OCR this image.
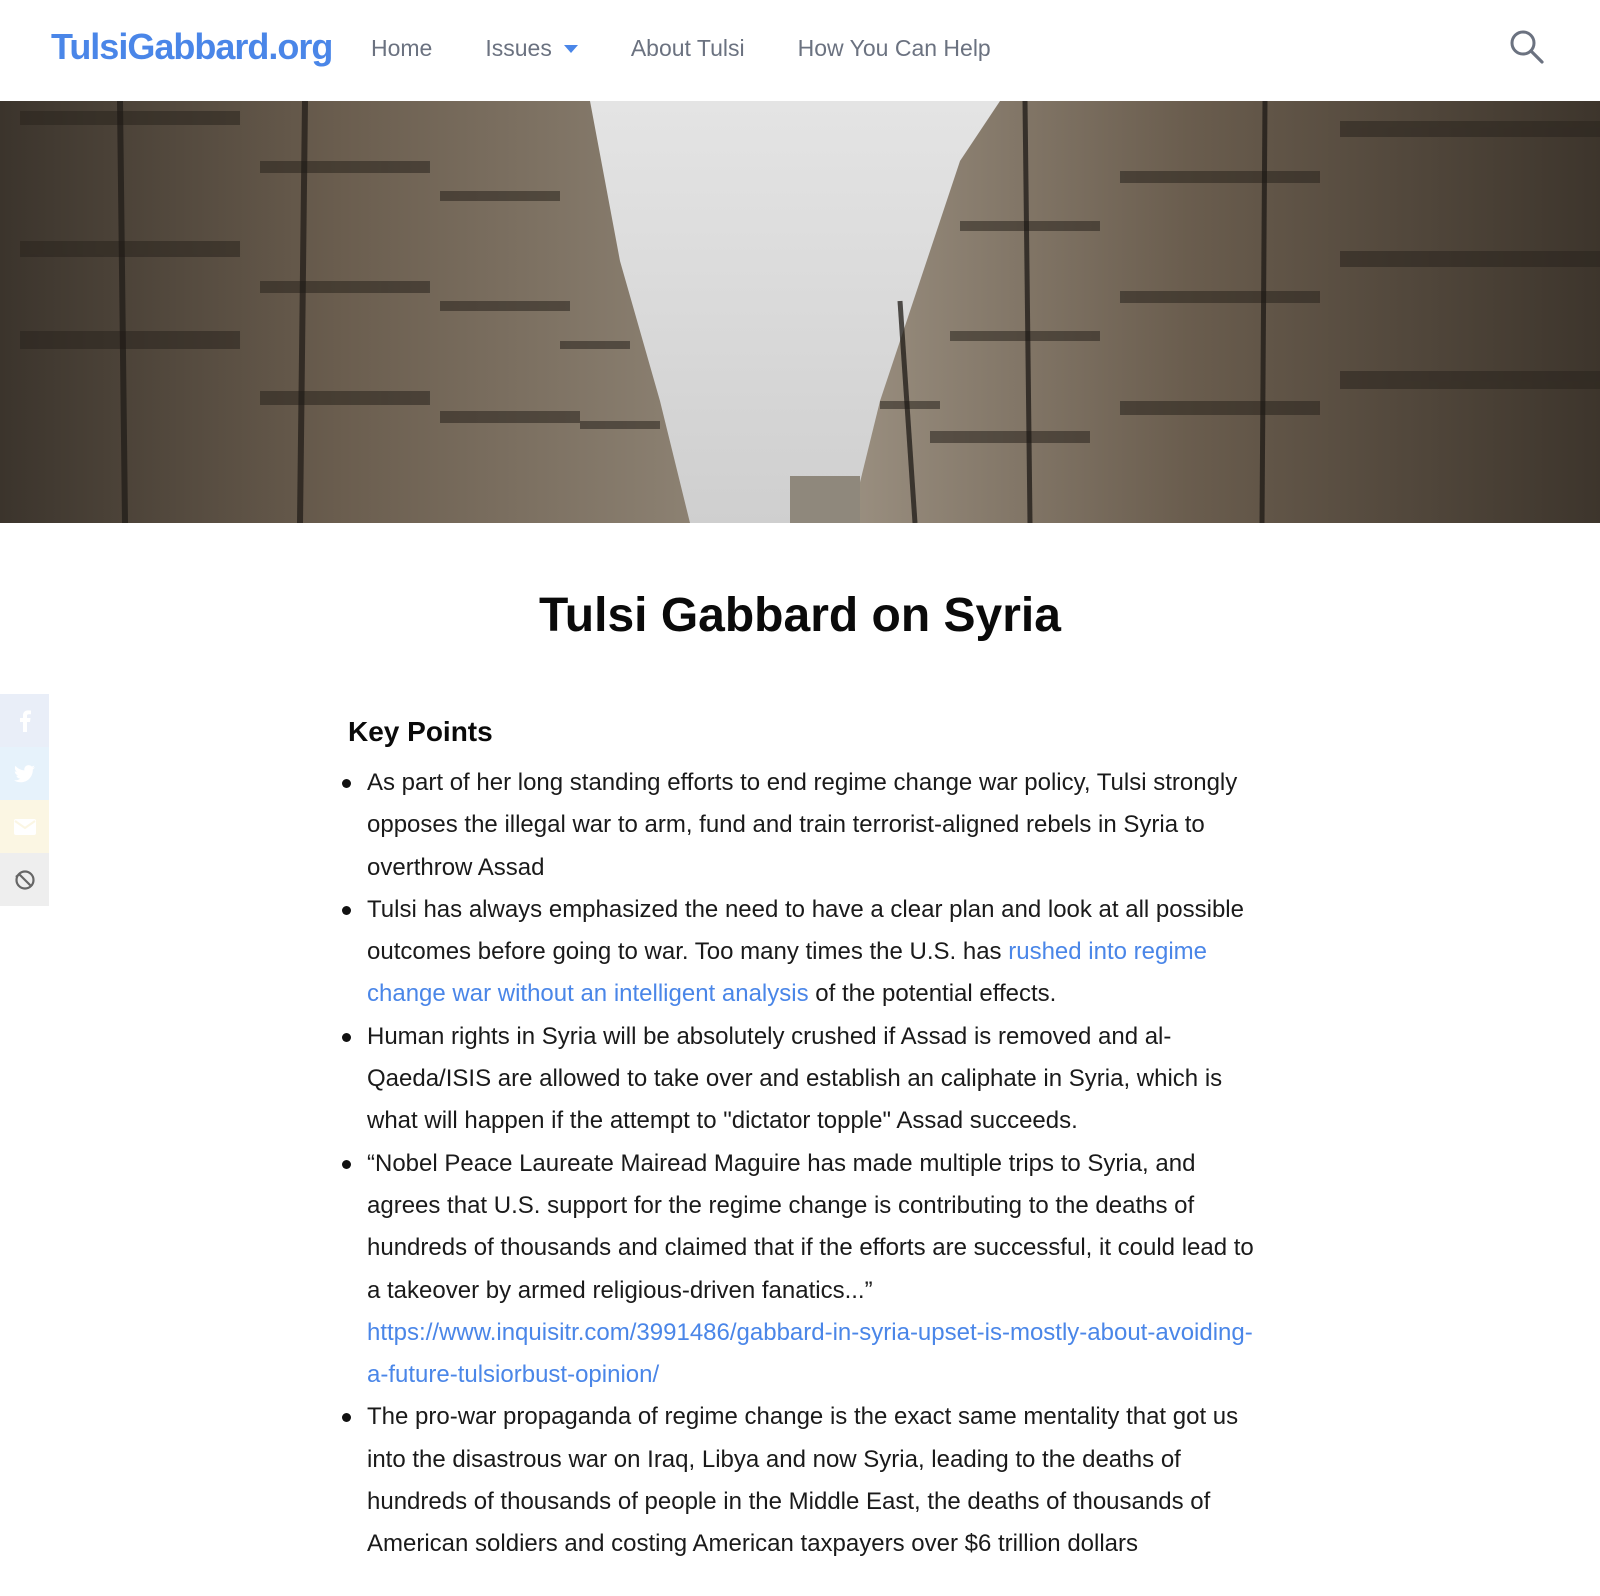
TulsiGabbard.org Home Issues	About Tulsi How You Can Help
Tulsi Gabbard on Syria
Key Points
As part of her long standing efforts to end regime change war policy, Tulsi strongly opposes the illegal war to arm, fund and train terrorist-aligned rebels in Syria to overthrow Assad
Tulsi has always emphasized the need to have a clear plan and look at all possible outcomes before going to war. Too many times the U.S. has rushed into regime change war without an intelligent analysis of the potential effects.
Human rights in Syria will be absolutely crushed if Assad is removed and al-Qaeda/ISIS are allowed to take over and establish an caliphate in Syria, which is what will happen if the attempt to "dictator topple" Assad succeeds.
“Nobel Peace Laureate Mairead Maguire has made multiple trips to Syria, and agrees that U.S. support for the regime change is contributing to the deaths of hundreds of thousands and claimed that if the efforts are successful, it could lead to a takeover by armed religious-driven fanatics...”
https://www.inquisitr.com/3991486/gabbard-in-syria-upset-is-mostly-about-avoiding-a-future-tulsiorbust-opinion/
The pro-war propaganda of regime change is the exact same mentality that got us into the disastrous war on Iraq, Libya and now Syria, leading to the deaths of hundreds of thousands of people in the Middle East, the deaths of thousands of American soldiers and costing American taxpayers over $6 trillion dollars
